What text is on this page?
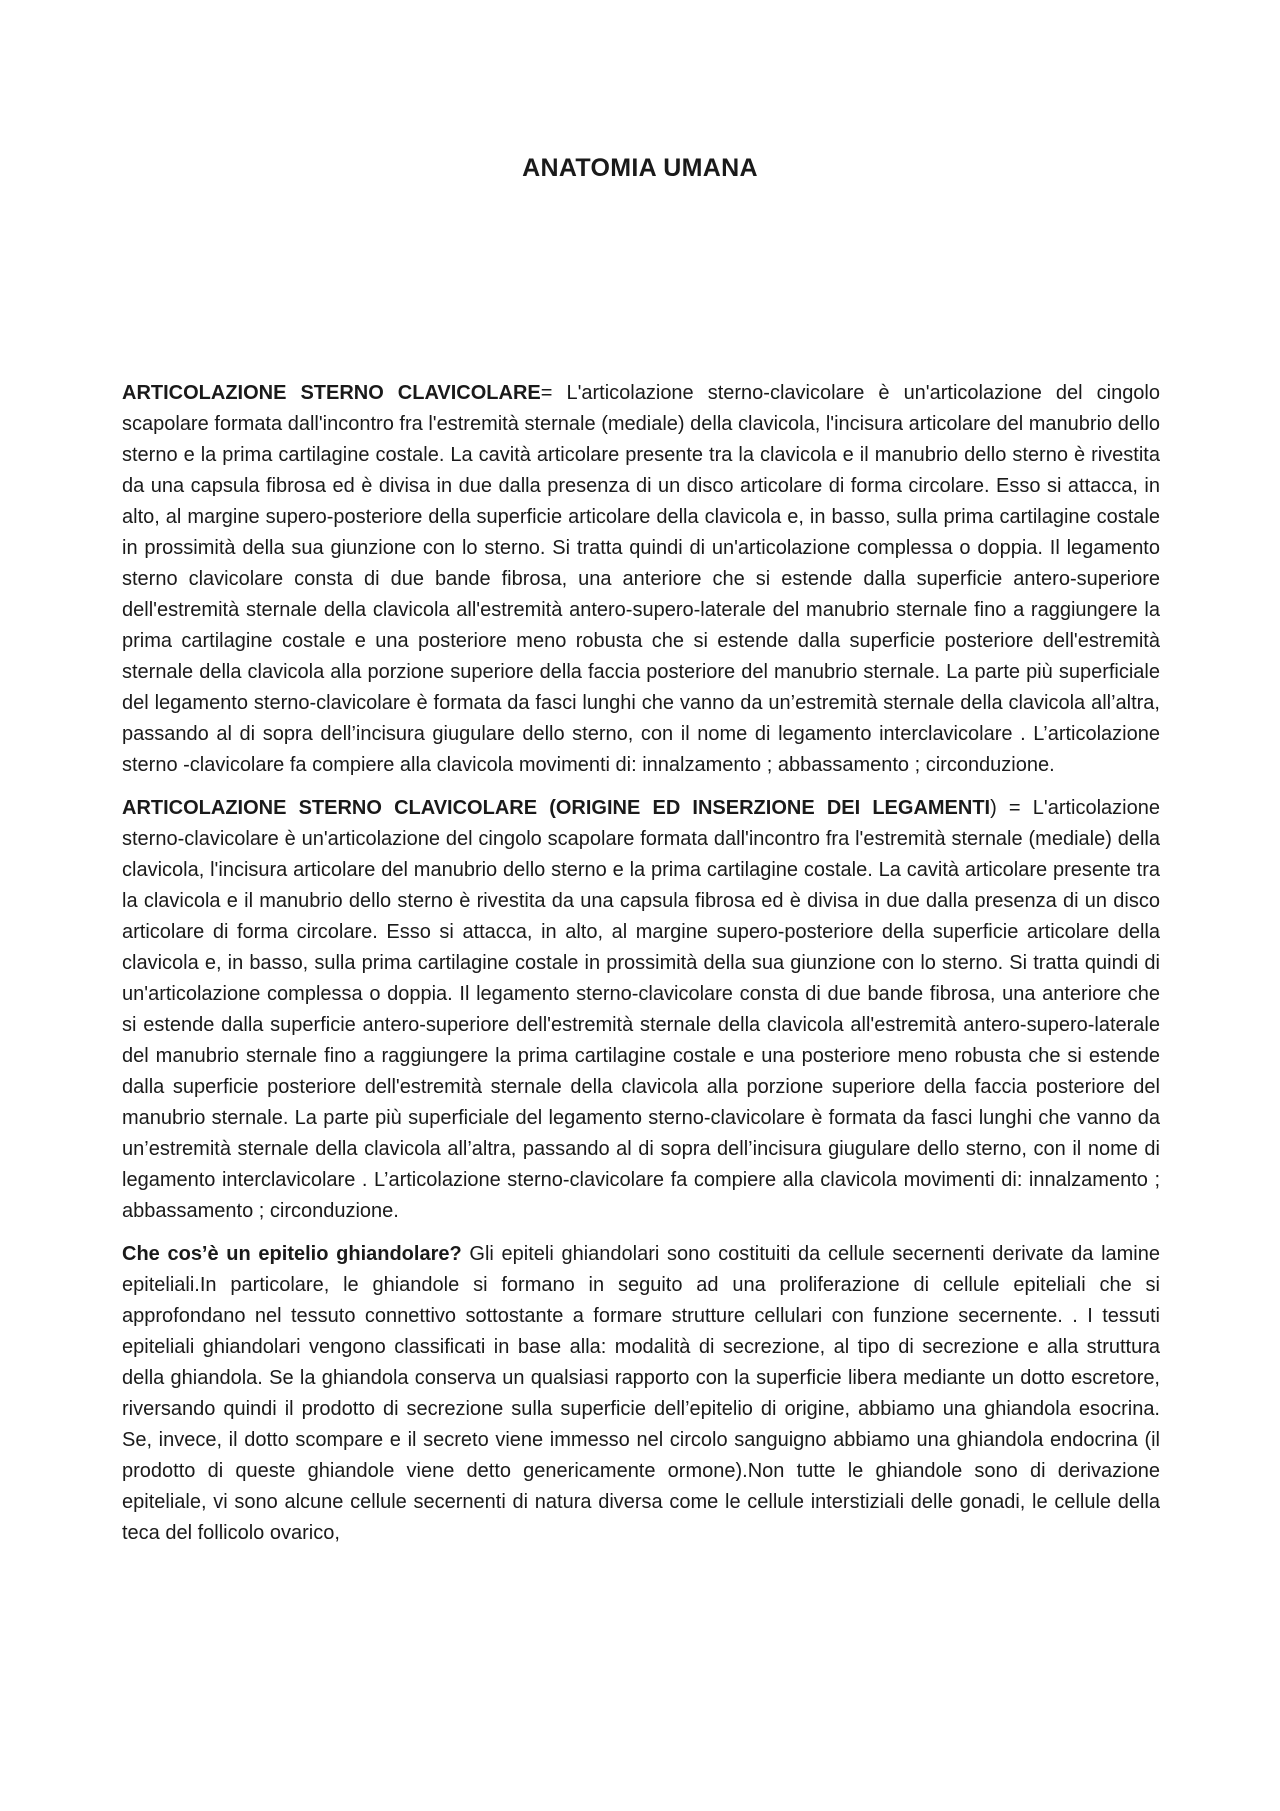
ANATOMIA UMANA

ARTICOLAZIONE STERNO CLAVICOLARE= L'articolazione sterno-clavicolare è un'articolazione del cingolo scapolare formata dall'incontro fra l'estremità sternale (mediale) della clavicola, l'incisura articolare del manubrio dello sterno e la prima cartilagine costale. La cavità articolare presente tra la clavicola e il manubrio dello sterno è rivestita da una capsula fibrosa ed è divisa in due dalla presenza di un disco articolare di forma circolare. Esso si attacca, in alto, al margine supero-posteriore della superficie articolare della clavicola e, in basso, sulla prima cartilagine costale in prossimità della sua giunzione con lo sterno. Si tratta quindi di un'articolazione complessa o doppia. Il legamento sterno clavicolare consta di due bande fibrosa, una anteriore che si estende dalla superficie antero-superiore dell'estremità sternale della clavicola all'estremità antero-supero-laterale del manubrio sternale fino a raggiungere la prima cartilagine costale e una posteriore meno robusta che si estende dalla superficie posteriore dell'estremità sternale della clavicola alla porzione superiore della faccia posteriore del manubrio sternale. La parte più superficiale del legamento sterno-clavicolare è formata da fasci lunghi che vanno da un’estremità sternale della clavicola all’altra, passando al di sopra dell’incisura giugulare dello sterno, con il nome di legamento interclavicolare . L’articolazione sterno -clavicolare fa compiere alla clavicola movimenti di: innalzamento ; abbassamento ; circonduzione.

ARTICOLAZIONE STERNO CLAVICOLARE (ORIGINE ED INSERZIONE DEI LEGAMENTI) = L'articolazione sterno-clavicolare è un'articolazione del cingolo scapolare formata dall'incontro fra l'estremità sternale (mediale) della clavicola, l'incisura articolare del manubrio dello sterno e la prima cartilagine costale. La cavità articolare presente tra la clavicola e il manubrio dello sterno è rivestita da una capsula fibrosa ed è divisa in due dalla presenza di un disco articolare di forma circolare. Esso si attacca, in alto, al margine supero-posteriore della superficie articolare della clavicola e, in basso, sulla prima cartilagine costale in prossimità della sua giunzione con lo sterno. Si tratta quindi di un'articolazione complessa o doppia. Il legamento sterno-clavicolare consta di due bande fibrosa, una anteriore che si estende dalla superficie antero-superiore dell'estremità sternale della clavicola all'estremità antero-supero-laterale del manubrio sternale fino a raggiungere la prima cartilagine costale e una posteriore meno robusta che si estende dalla superficie posteriore dell'estremità sternale della clavicola alla porzione superiore della faccia posteriore del manubrio sternale. La parte più superficiale del legamento sterno-clavicolare è formata da fasci lunghi che vanno da un’estremità sternale della clavicola all’altra, passando al di sopra dell’incisura giugulare dello sterno, con il nome di legamento interclavicolare . L’articolazione sterno-clavicolare fa compiere alla clavicola movimenti di: innalzamento ; abbassamento ; circonduzione.

Che cos’è un epitelio ghiandolare? Gli epiteli ghiandolari sono costituiti da cellule secernenti derivate da lamine epiteliali.In particolare, le ghiandole si formano in seguito ad una proliferazione di cellule epiteliali che si approfondano nel tessuto connettivo sottostante a formare strutture cellulari con funzione secernente. . I tessuti epiteliali ghiandolari vengono classificati in base alla: modalità di secrezione, al tipo di secrezione e alla struttura della ghiandola. Se la ghiandola conserva un qualsiasi rapporto con la superficie libera mediante un dotto escretore, riversando quindi il prodotto di secrezione sulla superficie dell’epitelio di origine, abbiamo una ghiandola esocrina. Se, invece, il dotto scompare e il secreto viene immesso nel circolo sanguigno abbiamo una ghiandola endocrina (il prodotto di queste ghiandole viene detto genericamente ormone).Non tutte le ghiandole sono di derivazione epiteliale, vi sono alcune cellule secernenti di natura diversa come le cellule interstiziali delle gonadi, le cellule della teca del follicolo ovarico,
